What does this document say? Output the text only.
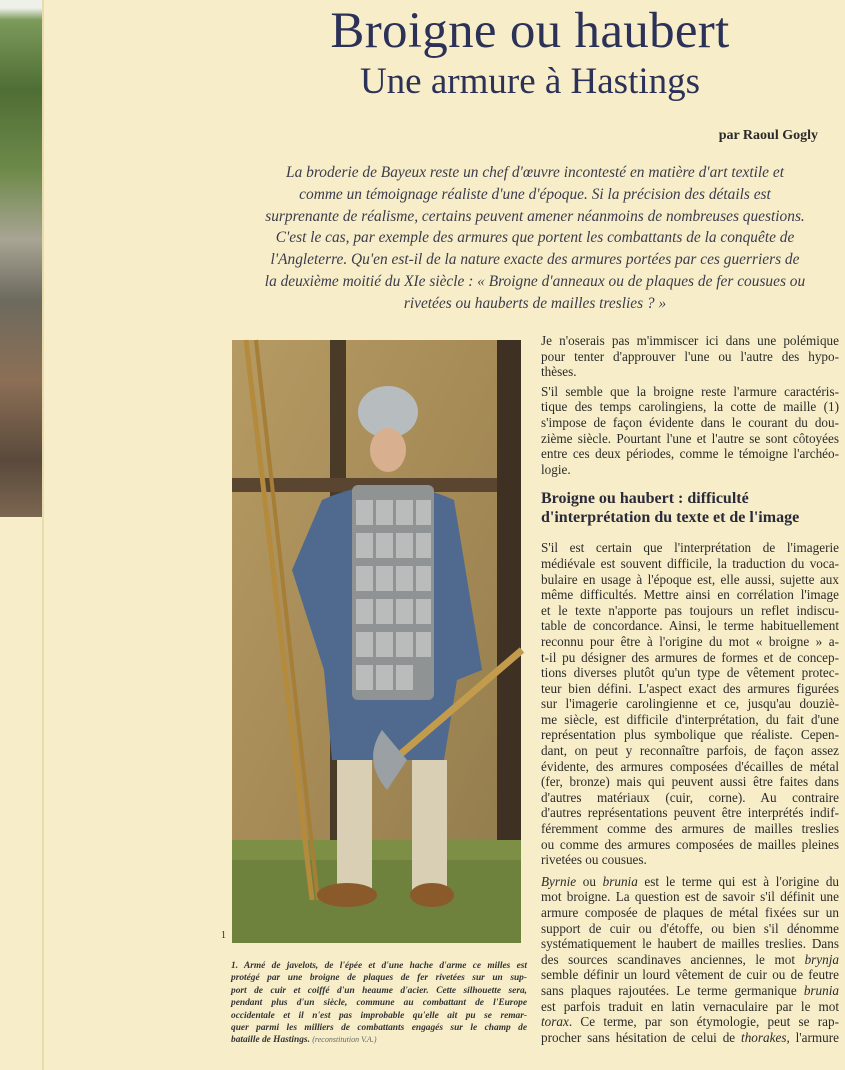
Broigne ou haubert
Une armure à Hastings
par Raoul Gogly
La broderie de Bayeux reste un chef d'œuvre incontesté en matière d'art textile et
comme un témoignage réaliste d'une d'époque. Si la précision des détails est
surprenante de réalisme, certains peuvent amener néanmoins de nombreuses questions.
C'est le cas, par exemple des armures que portent les combattants de la conquête de
l'Angleterre. Qu'en est-il de la nature exacte des armures portées par ces guerriers de
la deuxième moitié du XIe siècle : « Broigne d'anneaux ou de plaques de fer cousues ou
rivetées ou hauberts de mailles treslies ? »
1
1. Armé de javelots, de l'épée et d'une hache d'arme ce milles est
protégé par une broigne de plaques de fer rivetées sur un sup-
port de cuir et coiffé d'un heaume d'acier. Cette silhouette sera,
pendant plus d'un siècle, commune au combattant de l'Europe
occidentale et il n'est pas improbable qu'elle ait pu se remar-
quer parmi les milliers de combattants engagés sur le champ de
bataille de Hastings. (reconstitution V.A.)
Je n'oserais pas m'immiscer ici dans une polémique
pour tenter d'approuver l'une ou l'autre des hypo-
thèses.
S'il semble que la broigne reste l'armure caractéris-
tique des temps carolingiens, la cotte de maille (1)
s'impose de façon évidente dans le courant du dou-
zième siècle. Pourtant l'une et l'autre se sont côtoyées
entre ces deux périodes, comme le témoigne l'archéo-
logie.
Broigne ou haubert : difficulté
d'interprétation du texte et de l'image
S'il est certain que l'interprétation de l'imagerie
médiévale est souvent difficile, la traduction du voca-
bulaire en usage à l'époque est, elle aussi, sujette aux
même difficultés. Mettre ainsi en corrélation l'image
et le texte n'apporte pas toujours un reflet indiscu-
table de concordance. Ainsi, le terme habituellement
reconnu pour être à l'origine du mot « broigne » a-
t-il pu désigner des armures de formes et de concep-
tions diverses plutôt qu'un type de vêtement protec-
teur bien défini. L'aspect exact des armures figurées
sur l'imagerie carolingienne et ce, jusqu'au douziè-
me siècle, est difficile d'interprétation, du fait d'une
représentation plus symbolique que réaliste. Cepen-
dant, on peut y reconnaître parfois, de façon assez
évidente, des armures composées d'écailles de métal
(fer, bronze) mais qui peuvent aussi être faites dans
d'autres matériaux (cuir, corne). Au contraire
d'autres représentations peuvent être interprétés indif-
féremment comme des armures de mailles treslies
ou comme des armures composées de mailles pleines
rivetées ou cousues.
Byrnie ou brunia est le terme qui est à l'origine du
mot broigne. La question est de savoir s'il définit une
armure composée de plaques de métal fixées sur un
support de cuir ou d'étoffe, ou bien s'il dénomme
systématiquement le haubert de mailles treslies. Dans
des sources scandinaves anciennes, le mot brynja
semble définir un lourd vêtement de cuir ou de feutre
sans plaques rajoutées. Le terme germanique brunia
est parfois traduit en latin vernaculaire par le mot
torax. Ce terme, par son étymologie, peut se rap-
procher sans hésitation de celui de thorakes, l'armure
